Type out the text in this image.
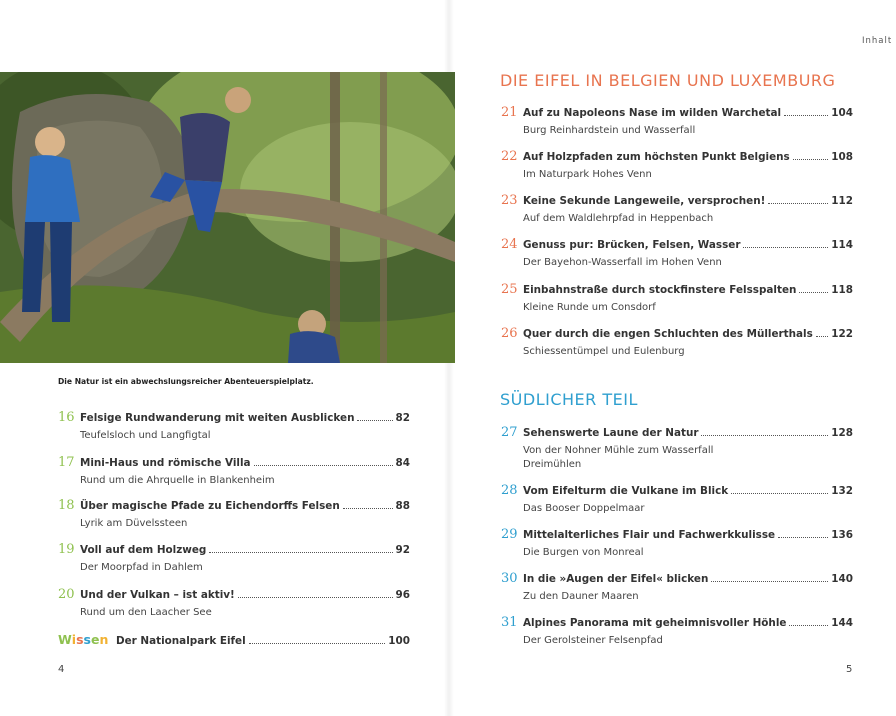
Die Natur ist ein abwechslungsreicher Abenteuerspielplatz.
16 Felsige Rundwanderung mit weiten Ausblicken	82
Teufelsloch und Langfigtal
17 Mini-Haus und römische Villa	84
Rund um die Ahrquelle in Blankenheim
18 Über magische Pfade zu Eichendorffs Felsen	88
Lyrik am Düvelssteen
19 Voll auf dem Holzweg	92
Der Moorpfad in Dahlem
20 Und der Vulkan – ist aktiv!	96
Rund um den Laacher See
Wissen Der Nationalpark Eifel	100
4
Inhalt
DIE EIFEL IN BELGIEN UND LUXEMBURG
21 Auf zu Napoleons Nase im wilden Warchetal	104
Burg Reinhardstein und Wasserfall
22 Auf Holzpfaden zum höchsten Punkt Belgiens	108
Im Naturpark Hohes Venn
23 Keine Sekunde Langeweile, versprochen!	112
Auf dem Waldlehrpfad in Heppenbach
24 Genuss pur: Brücken, Felsen, Wasser	114
Der Bayehon-Wasserfall im Hohen Venn
25 Einbahnstraße durch stockfinstere Felsspalten	118
Kleine Runde um Consdorf
26 Quer durch die engen Schluchten des Müllerthals 122
Schiessentümpel und Eulenburg
SÜDLICHER TEIL
27 Sehenswerte Laune der Natur	128
Von der Nohner Mühle zum Wasserfall Dreimühlen
28 Vom Eifelturm die Vulkane im Blick	132
Das Booser Doppelmaar
29 Mittelalterliches Flair und Fachwerkkulisse	136
Die Burgen von Monreal
30 In die »Augen der Eifel« blicken	140
Zu den Dauner Maaren
31 Alpines Panorama mit geheimnisvoller Höhle	144
Der Gerolsteiner Felsenpfad
5
